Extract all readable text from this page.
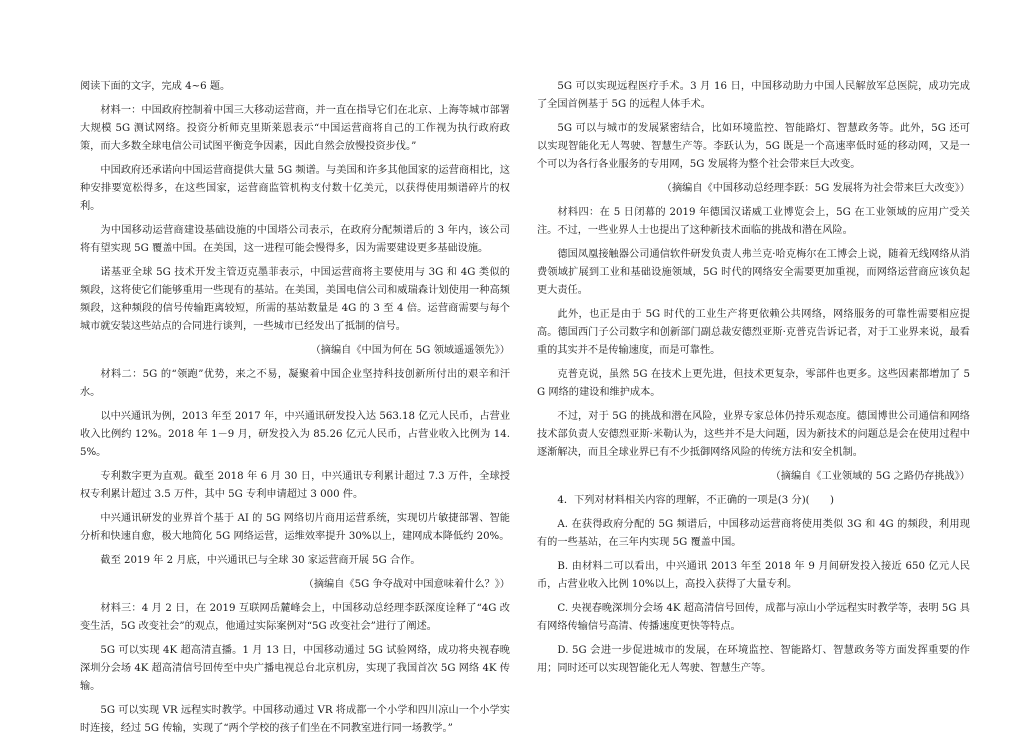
阅读下面的文字，完成 4~6 题。

材料一：中国政府控制着中国三大移动运营商，并一直在指导它们在北京、上海等城市部署大规模 5G 测试网络。投资分析师克里斯莱恩表示“中国运营商将自己的工作视为执行政府政策，而大多数全球电信公司试图平衡竞争因素，因此自然会放慢投资步伐。”

中国政府还承诺向中国运营商提供大量 5G 频谱。与美国和许多其他国家的运营商相比，这种安排要宽松得多，在这些国家，运营商监管机构支付数十亿美元，以获得使用频谱碎片的权利。

为中国移动运营商建设基础设施的中国塔公司表示，在政府分配频谱后的 3 年内，该公司将有望实现 5G 覆盖中国。在美国，这一进程可能会慢得多，因为需要建设更多基础设施。

诺基亚全球 5G 技术开发主管迈克墨菲表示，中国运营商将主要使用与 3G 和 4G 类似的频段，这将使它们能够重用一些现有的基站。在美国，美国电信公司和威瑞森计划使用一种高频频段，这种频段的信号传输距离较短，所需的基站数量是 4G 的 3 至 4 倍。运营商需要与每个城市就安装这些站点的合同进行谈判，一些城市已经发出了抵制的信号。

（摘编自《中国为何在 5G 领域遥遥领先》）

材料二：5G 的“领跑”优势，来之不易，凝聚着中国企业坚持科技创新所付出的艰辛和汗水。

以中兴通讯为例，2013 年至 2017 年，中兴通讯研发投入达 563.18 亿元人民币，占营业收入比例约 12%。2018 年 1－9 月，研发投入为 85.26 亿元人民币，占营业收入比例为 14.5%。

专利数字更为直观。截至 2018 年 6 月 30 日，中兴通讯专利累计超过 7.3 万件，全球授权专利累计超过 3.5 万件，其中 5G 专利申请超过 3 000 件。

中兴通讯研发的业界首个基于 AI 的 5G 网络切片商用运营系统，实现切片敏捷部署、智能分析和快速自愈，极大地简化 5G 网络运营，运维效率提升 30%以上，建网成本降低约 20%。

截至 2019 年 2 月底，中兴通讯已与全球 30 家运营商开展 5G 合作。

（摘编自《5G 争夺战对中国意味着什么？》）

材料三：4 月 2 日，在 2019 互联网岳麓峰会上，中国移动总经理李跃深度诠释了“4G 改变生活，5G 改变社会”的观点，他通过实际案例对“5G 改变社会”进行了阐述。

5G 可以实现 4K 超高清直播。1 月 13 日，中国移动通过 5G 试验网络，成功将央视春晚深圳分会场 4K 超高清信号回传至中央广播电视总台北京机房，实现了我国首次 5G 网络 4K 传输。

5G 可以实现 VR 远程实时教学。中国移动通过 VR 将成都一个小学和四川凉山一个小学实时连接，经过 5G 传输，实现了“两个学校的孩子们坐在不同教室进行同一场教学。”

5G 可以实现远程医疗手术。3 月 16 日，中国移动助力中国人民解放军总医院，成功完成了全国首例基于 5G 的远程人体手术。

5G 可以与城市的发展紧密结合，比如环境监控、智能路灯、智慧政务等。此外，5G 还可以实现智能化无人驾驶、智慧生产等。李跃认为，5G 既是一个高速率低时延的移动网，又是一个可以为各行各业服务的专用网，5G 发展将为整个社会带来巨大改变。

（摘编自《中国移动总经理李跃：5G 发展将为社会带来巨大改变》）

材料四：在 5 日闭幕的 2019 年德国汉诺威工业博览会上，5G 在工业领域的应用广受关注。不过，一些业界人士也提出了这种新技术面临的挑战和潜在风险。

德国凤凰接触器公司通信软件研发负责人弗兰克·哈克梅尔在工博会上说，随着无线网络从消费领域扩展到工业和基础设施领域，5G 时代的网络安全需要更加重视，而网络运营商应该负起更大责任。

此外，也正是由于 5G 时代的工业生产将更依赖公共网络，网络服务的可靠性需要相应提高。德国西门子公司数字和创新部门副总裁安德烈亚斯·克普克告诉记者，对于工业界来说，最看重的其实并不是传输速度，而是可靠性。

克普克说，虽然 5G 在技术上更先进，但技术更复杂，零部件也更多。这些因素都增加了 5G 网络的建设和维护成本。

不过，对于 5G 的挑战和潜在风险，业界专家总体仍持乐观态度。德国博世公司通信和网络技术部负责人安德烈亚斯·米勒认为，这些并不是大问题，因为新技术的问题总是会在使用过程中逐渐解决，而且全球业界已有不少抵御网络风险的传统方法和安全机制。

（摘编自《工业领域的 5G 之路仍存挑战》）

4．下列对材料相关内容的理解，不正确的一项是(3 分)(　　)

A. 在获得政府分配的 5G 频谱后，中国移动运营商将使用类似 3G 和 4G 的频段，利用现有的一些基站，在三年内实现 5G 覆盖中国。

B. 由材料二可以看出，中兴通讯 2013 年至 2018 年 9 月间研发投入接近 650 亿元人民币，占营业收入比例 10%以上，高投入获得了大量专利。

C. 央视春晚深圳分会场 4K 超高清信号回传，成都与凉山小学远程实时教学等，表明 5G 具有网络传输信号高清、传播速度更快等特点。

D. 5G 会进一步促进城市的发展，在环境监控、智能路灯、智慧政务等方面发挥重要的作用；同时还可以实现智能化无人驾驶、智慧生产等。
